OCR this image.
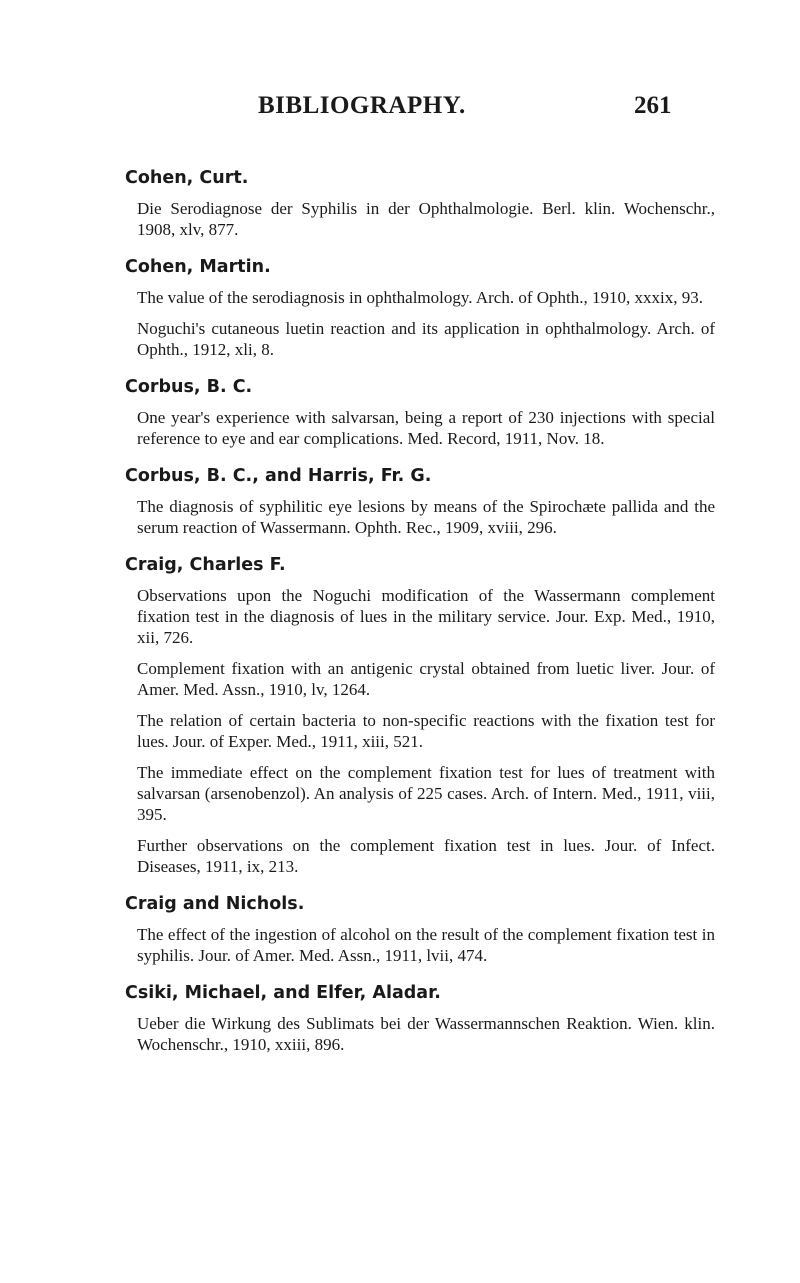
BIBLIOGRAPHY.	261
Cohen, Curt.
Die Serodiagnose der Syphilis in der Ophthalmologie. Berl. klin. Wochenschr., 1908, xlv, 877.
Cohen, Martin.
The value of the serodiagnosis in ophthalmology. Arch. of Ophth., 1910, xxxix, 93.
Noguchi's cutaneous luetin reaction and its application in ophthalmology. Arch. of Ophth., 1912, xli, 8.
Corbus, B. C.
One year's experience with salvarsan, being a report of 230 injections with special reference to eye and ear complications. Med. Record, 1911, Nov. 18.
Corbus, B. C., and Harris, Fr. G.
The diagnosis of syphilitic eye lesions by means of the Spirochæte pallida and the serum reaction of Wassermann. Ophth. Rec., 1909, xviii, 296.
Craig, Charles F.
Observations upon the Noguchi modification of the Wassermann complement fixation test in the diagnosis of lues in the military service. Jour. Exp. Med., 1910, xii, 726.
Complement fixation with an antigenic crystal obtained from luetic liver. Jour. of Amer. Med. Assn., 1910, lv, 1264.
The relation of certain bacteria to non-specific reactions with the fixation test for lues. Jour. of Exper. Med., 1911, xiii, 521.
The immediate effect on the complement fixation test for lues of treatment with salvarsan (arsenobenzol). An analysis of 225 cases. Arch. of Intern. Med., 1911, viii, 395.
Further observations on the complement fixation test in lues. Jour. of Infect. Diseases, 1911, ix, 213.
Craig and Nichols.
The effect of the ingestion of alcohol on the result of the complement fixation test in syphilis. Jour. of Amer. Med. Assn., 1911, lvii, 474.
Csiki, Michael, and Elfer, Aladar.
Ueber die Wirkung des Sublimats bei der Wassermannschen Reaktion. Wien. klin. Wochenschr., 1910, xxiii, 896.
